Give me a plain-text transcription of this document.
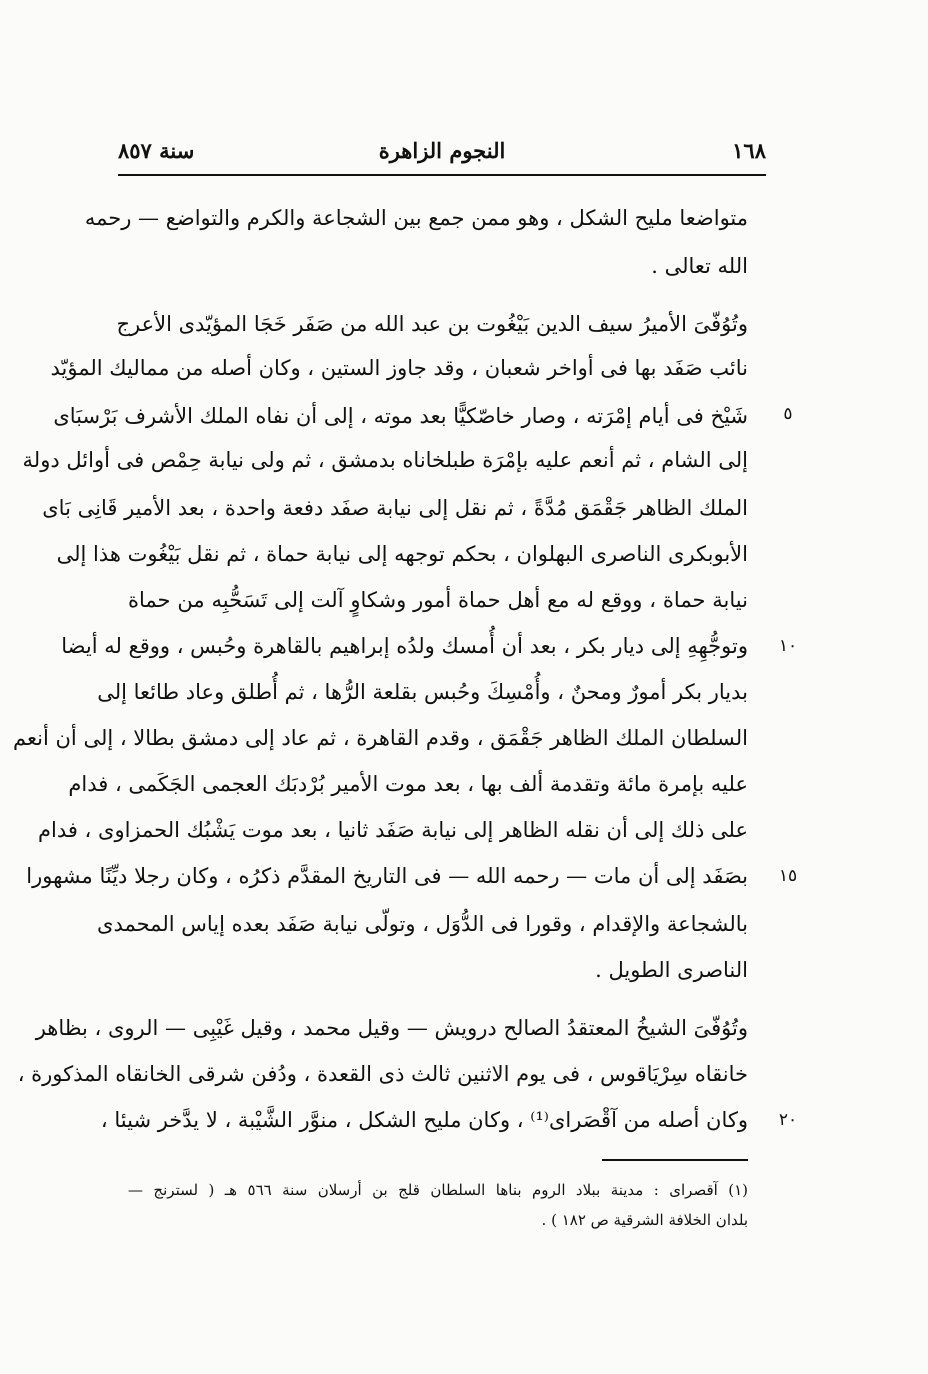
١٦٨
النجوم الزاهرة
سنة ٨٥٧
متواضعا مليح الشكل ، وهو ممن جمع بين الشجاعة والكرم والتواضع — رحمه
الله تعالى .
وتُوُفّىَ الأميرُ سيف الدين بَيْغُوت بن عبد الله من صَفَر خَجَا المؤيّدى الأعرج
نائب صَفَد بها فى أواخر شعبان ، وقد جاوز الستين ، وكان أصله من مماليك المؤيّد
شَيْخ فى أيام إمْرَته ، وصار خاصّكيًّا بعد موته ، إلى أن نفاه الملك الأشرف بَرْسبَاى
إلى الشام ، ثم أنعم عليه بإمْرَة طبلخاناه بدمشق ، ثم ولى نيابة حِمْص فى أوائل دولة
الملك الظاهر جَقْمَق مُدَّةً ، ثم نقل إلى نيابة صفَد دفعة واحدة ، بعد الأمير قَانِى بَاى
الأبوبكرى الناصرى البهلوان ، بحكم توجهه إلى نيابة حماة ، ثم نقل بَيْغُوت هذا إلى
نيابة حماة ، ووقع له مع أهل حماة أمور وشكاوٍ آلت إلى تَسَحُّبِه من حماة
وتوجُّهِهِ إلى ديار بكر ، بعد أن أُمسك ولدُه إبراهيم بالقاهرة وحُبس ، ووقع له أيضا
بديار بكر أمورٌ ومحنٌ ، وأُمْسِكَ وحُبس بقلعة الرُّها ، ثم أُطلق وعاد طائعا إلى
السلطان الملك الظاهر جَقْمَق ، وقدم القاهرة ، ثم عاد إلى دمشق بطالا ، إلى أن أنعم
عليه بإمرة مائة وتقدمة ألف بها ، بعد موت الأمير بُرْدبَك العجمى الجَكَمى ، فدام
على ذلك إلى أن نقله الظاهر إلى نيابة صَفَد ثانيا ، بعد موت يَشْبُك الحمزاوى ، فدام
بصَفَد إلى أن مات — رحمه الله — فى التاريخ المقدَّم ذكرُه ، وكان رجلا ديِّنًا مشهورا
بالشجاعة والإقدام ، وقورا فى الدُّوَل ، وتولّى نيابة صَفَد بعده إياس المحمدى
الناصرى الطويل .
وتُوُفّىَ الشيخُ المعتقدُ الصالح درويش — وقيل محمد ، وقيل غَيْبِى — الروى ، بظاهر
خانقاه سِرْيَاقوس ، فى يوم الاثنين ثالث ذى القعدة ، ودُفن شرقى الخانقاه المذكورة ،
وكان أصله من آقْصَراى⁽¹⁾ ، وكان مليح الشكل ، منوَّر الشَّيْبة ، لا يدَّخر شيئا ،
٥
١٠
١٥
٢٠
(١) آقصراى : مدينة ببلاد الروم بناها السلطان قلج بن أرسلان سنة ٥٦٦ هـ ( لسترنج —
بلدان الخلافة الشرقية ص ١٨٢ ) .
